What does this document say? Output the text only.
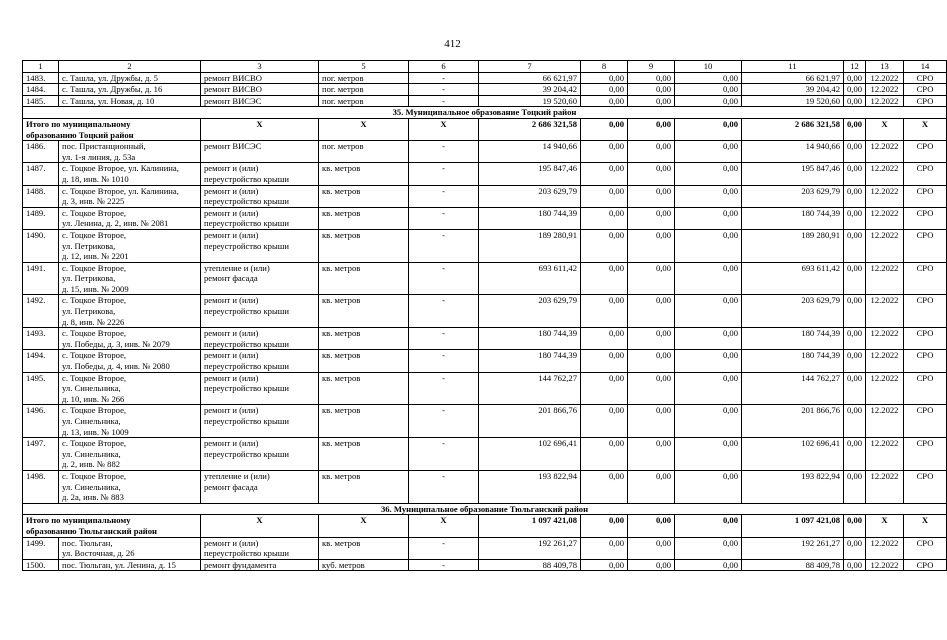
412
1	2	3	5	6	7	8	9	10	11	12	13	14
1483.	с. Ташла, ул. Дружбы, д. 5	ремонт ВИСВО	пог. метров	-	66 621,97	0,00	0,00	0,00	66 621,97	0,00	12.2022	СРО
1484.	с. Ташла, ул. Дружбы, д. 16	ремонт ВИСВО	пог. метров	-	39 204,42	0,00	0,00	0,00	39 204,42	0,00	12.2022	СРО
1485.	с. Ташла, ул. Новая, д. 10	ремонт ВИСЭС	пог. метров	-	19 520,60	0,00	0,00	0,00	19 520,60	0,00	12.2022	СРО
35. Муниципальное образование Тоцкий район												
Итого по муниципальному
образованию Тоцкий район		X	X	X	2 686 321,58	0,00	0,00	0,00	2 686 321,58	0,00	X	X
1486.	пос. Пристанционный,
ул. 1-я линия, д. 53а	ремонт ВИСЭС	пог. метров	-	14 940,66	0,00	0,00	0,00	14 940,66	0,00	12.2022	СРО
1487.	с. Тоцкое Второе, ул. Калинина,
д. 18, инв. № 1010	ремонт и (или)
переустройство крыши	кв. метров	-	195 847,46	0,00	0,00	0,00	195 847,46	0,00	12.2022	СРО
1488.	с. Тоцкое Второе, ул. Калинина,
д. 3, инв. № 2225	ремонт и (или)
переустройство крыши	кв. метров	-	203 629,79	0,00	0,00	0,00	203 629,79	0,00	12.2022	СРО
1489.	с. Тоцкое Второе,
ул. Ленина, д. 2, инв. № 2081	ремонт и (или)
переустройство крыши	кв. метров	-	180 744,39	0,00	0,00	0,00	180 744,39	0,00	12.2022	СРО
1490.	с. Тоцкое Второе,
ул. Петрикова,
д. 12, инв. № 2201	ремонт и (или)
переустройство крыши	кв. метров	-	189 280,91	0,00	0,00	0,00	189 280,91	0,00	12.2022	СРО
1491.	с. Тоцкое Второе,
ул. Петрикова,
д. 15, инв. № 2009	утепление и (или)
ремонт фасада	кв. метров	-	693 611,42	0,00	0,00	0,00	693 611,42	0,00	12.2022	СРО
1492.	с. Тоцкое Второе,
ул. Петрикова,
д. 8, инв. № 2226	ремонт и (или)
переустройство крыши	кв. метров	-	203 629,79	0,00	0,00	0,00	203 629,79	0,00	12.2022	СРО
1493.	с. Тоцкое Второе,
ул. Победы, д. 3, инв. № 2079	ремонт и (или)
переустройство крыши	кв. метров	-	180 744,39	0,00	0,00	0,00	180 744,39	0,00	12.2022	СРО
1494.	с. Тоцкое Второе,
ул. Победы, д. 4, инв. № 2080	ремонт и (или)
переустройство крыши	кв. метров	-	180 744,39	0,00	0,00	0,00	180 744,39	0,00	12.2022	СРО
1495.	с. Тоцкое Второе,
ул. Синельника,
д. 10, инв. № 266	ремонт и (или)
переустройство крыши	кв. метров	-	144 762,27	0,00	0,00	0,00	144 762,27	0,00	12.2022	СРО
1496.	с. Тоцкое Второе,
ул. Синельника,
д. 13, инв. № 1009	ремонт и (или)
переустройство крыши	кв. метров	-	201 866,76	0,00	0,00	0,00	201 866,76	0,00	12.2022	СРО
1497.	с. Тоцкое Второе,
ул. Синельника,
д. 2, инв. № 882	ремонт и (или)
переустройство крыши	кв. метров	-	102 696,41	0,00	0,00	0,00	102 696,41	0,00	12.2022	СРО
1498.	с. Тоцкое Второе,
ул. Синельника,
д. 2а, инв. № 883	утепление и (или)
ремонт фасада	кв. метров	-	193 822,94	0,00	0,00	0,00	193 822,94	0,00	12.2022	СРО
36. Муниципальное образование Тюльганский район												
Итого по муниципальному
образованию Тюльганский район		X	X	X	1 097 421,08	0,00	0,00	0,00	1 097 421,08	0,00	X	X
1499.	пос. Тюльган,
ул. Восточная, д. 26	ремонт и (или)
переустройство крыши	кв. метров	-	192 261,27	0,00	0,00	0,00	192 261,27	0,00	12.2022	СРО
1500.	пос. Тюльган, ул. Ленина, д. 15	ремонт фундамента	куб. метров	-	88 409,78	0,00	0,00	0,00	88 409,78	0,00	12.2022	СРО
